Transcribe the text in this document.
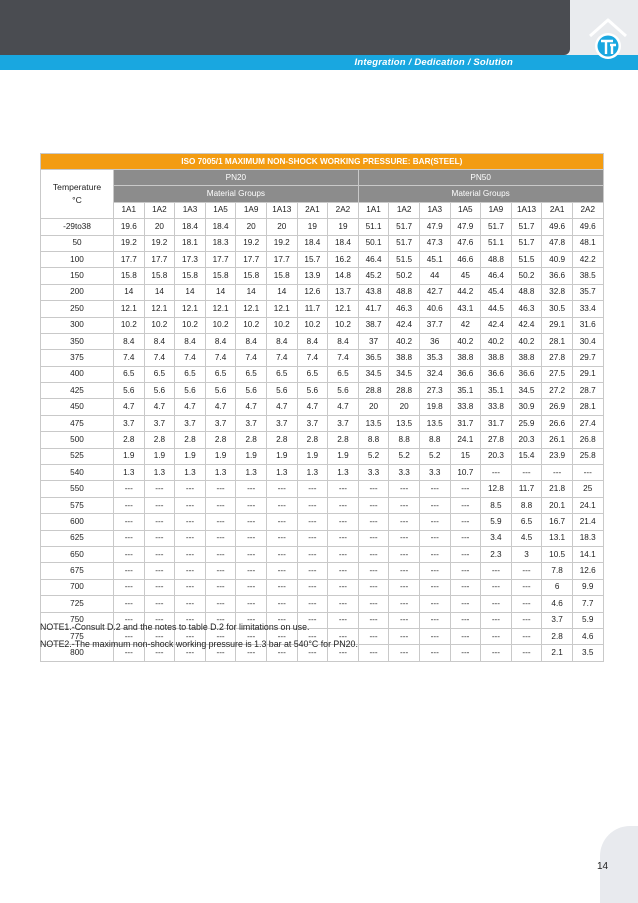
Integration / Dedication / Solution
ISO 7005/1 MAXIMUM NON-SHOCK WORKING PRESSURE: BAR(STEEL)																
Temperature
°C	PN20								PN50							
	Material Groups								Material Groups							
	1A1	1A2	1A3	1A5	1A9	1A13	2A1	2A2	1A1	1A2	1A3	1A5	1A9	1A13	2A1	2A2
-29to38	19.6	20	18.4	18.4	20	20	19	19	51.1	51.7	47.9	47.9	51.7	51.7	49.6	49.6
50	19.2	19.2	18.1	18.3	19.2	19.2	18.4	18.4	50.1	51.7	47.3	47.6	51.1	51.7	47.8	48.1
100	17.7	17.7	17.3	17.7	17.7	17.7	15.7	16.2	46.4	51.5	45.1	46.6	48.8	51.5	40.9	42.2
150	15.8	15.8	15.8	15.8	15.8	15.8	13.9	14.8	45.2	50.2	44	45	46.4	50.2	36.6	38.5
200	14	14	14	14	14	14	12.6	13.7	43.8	48.8	42.7	44.2	45.4	48.8	32.8	35.7
250	12.1	12.1	12.1	12.1	12.1	12.1	11.7	12.1	41.7	46.3	40.6	43.1	44.5	46.3	30.5	33.4
300	10.2	10.2	10.2	10.2	10.2	10.2	10.2	10.2	38.7	42.4	37.7	42	42.4	42.4	29.1	31.6
350	8.4	8.4	8.4	8.4	8.4	8.4	8.4	8.4	37	40.2	36	40.2	40.2	40.2	28.1	30.4
375	7.4	7.4	7.4	7.4	7.4	7.4	7.4	7.4	36.5	38.8	35.3	38.8	38.8	38.8	27.8	29.7
400	6.5	6.5	6.5	6.5	6.5	6.5	6.5	6.5	34.5	34.5	32.4	36.6	36.6	36.6	27.5	29.1
425	5.6	5.6	5.6	5.6	5.6	5.6	5.6	5.6	28.8	28.8	27.3	35.1	35.1	34.5	27.2	28.7
450	4.7	4.7	4.7	4.7	4.7	4.7	4.7	4.7	20	20	19.8	33.8	33.8	30.9	26.9	28.1
475	3.7	3.7	3.7	3.7	3.7	3.7	3.7	3.7	13.5	13.5	13.5	31.7	31.7	25.9	26.6	27.4
500	2.8	2.8	2.8	2.8	2.8	2.8	2.8	2.8	8.8	8.8	8.8	24.1	27.8	20.3	26.1	26.8
525	1.9	1.9	1.9	1.9	1.9	1.9	1.9	1.9	5.2	5.2	5.2	15	20.3	15.4	23.9	25.8
540	1.3	1.3	1.3	1.3	1.3	1.3	1.3	1.3	3.3	3.3	3.3	10.7	---	---	---	---
550	---	---	---	---	---	---	---	---	---	---	---	---	12.8	11.7	21.8	25
575	---	---	---	---	---	---	---	---	---	---	---	---	8.5	8.8	20.1	24.1
600	---	---	---	---	---	---	---	---	---	---	---	---	5.9	6.5	16.7	21.4
625	---	---	---	---	---	---	---	---	---	---	---	---	3.4	4.5	13.1	18.3
650	---	---	---	---	---	---	---	---	---	---	---	---	2.3	3	10.5	14.1
675	---	---	---	---	---	---	---	---	---	---	---	---	---	---	7.8	12.6
700	---	---	---	---	---	---	---	---	---	---	---	---	---	---	6	9.9
725	---	---	---	---	---	---	---	---	---	---	---	---	---	---	4.6	7.7
750	---	---	---	---	---	---	---	---	---	---	---	---	---	---	3.7	5.9
775	---	---	---	---	---	---	---	---	---	---	---	---	---	---	2.8	4.6
800	---	---	---	---	---	---	---	---	---	---	---	---	---	---	2.1	3.5
NOTE1.-Consult D.2 and the notes to table D.2 for limitations on use.
NOTE2.-The maximum non-shock working pressure is 1.3 bar at 540°C for PN20.
14
